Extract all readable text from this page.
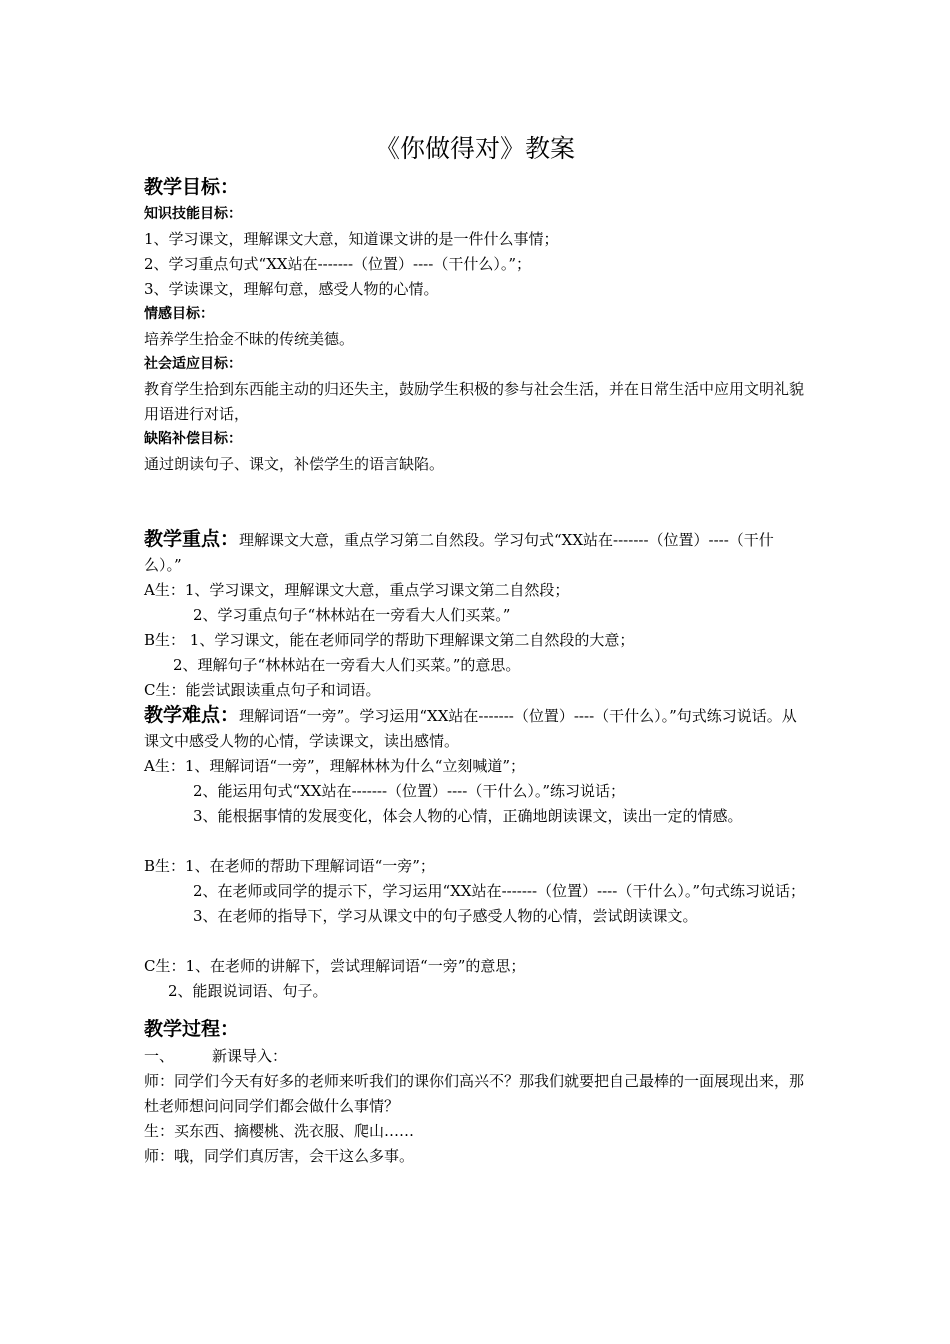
《你做得对》教案
教学目标：
知识技能目标：
1、学习课文，理解课文大意，知道课文讲的是一件什么事情；
2、学习重点句式“XX站在-------（位置）----（干什么）。”；
3、学读课文，理解句意，感受人物的心情。
情感目标：
培养学生拾金不昧的传统美德。
社会适应目标：
教育学生拾到东西能主动的归还失主，鼓励学生积极的参与社会生活，并在日常生活中应用文明礼貌用语进行对话，
缺陷补偿目标：
通过朗读句子、课文，补偿学生的语言缺陷。
教学重点：理解课文大意，重点学习第二自然段。学习句式“XX站在-------（位置）----（干什么）。”
A生：1、学习课文，理解课文大意，重点学习课文第二自然段；
2、学习重点句子“林林站在一旁看大人们买菜。”
B生： 1、学习课文，能在老师同学的帮助下理解课文第二自然段的大意；
2、理解句子“林林站在一旁看大人们买菜。”的意思。
C生：能尝试跟读重点句子和词语。
教学难点：理解词语“一旁”。学习运用“XX站在-------（位置）----（干什么）。”句式练习说话。从课文中感受人物的心情，学读课文，读出感情。
A生：1、理解词语“一旁”，理解林林为什么“立刻喊道”；
2、能运用句式“XX站在-------（位置）----（干什么）。”练习说话；
3、能根据事情的发展变化，体会人物的心情，正确地朗读课文，读出一定的情感。
B生：1、在老师的帮助下理解词语“一旁”；
2、在老师或同学的提示下，学习运用“XX站在-------（位置）----（干什么）。”句式练习说话；
3、在老师的指导下，学习从课文中的句子感受人物的心情，尝试朗读课文。
C生：1、在老师的讲解下，尝试理解词语“一旁”的意思；
2、能跟说词语、句子。
教学过程：
一、	新课导入：
师：同学们今天有好多的老师来听我们的课你们高兴不？那我们就要把自己最棒的一面展现出来，那杜老师想问问同学们都会做什么事情？
生：买东西、摘樱桃、洗衣服、爬山……
师：哦，同学们真厉害，会干这么多事。
